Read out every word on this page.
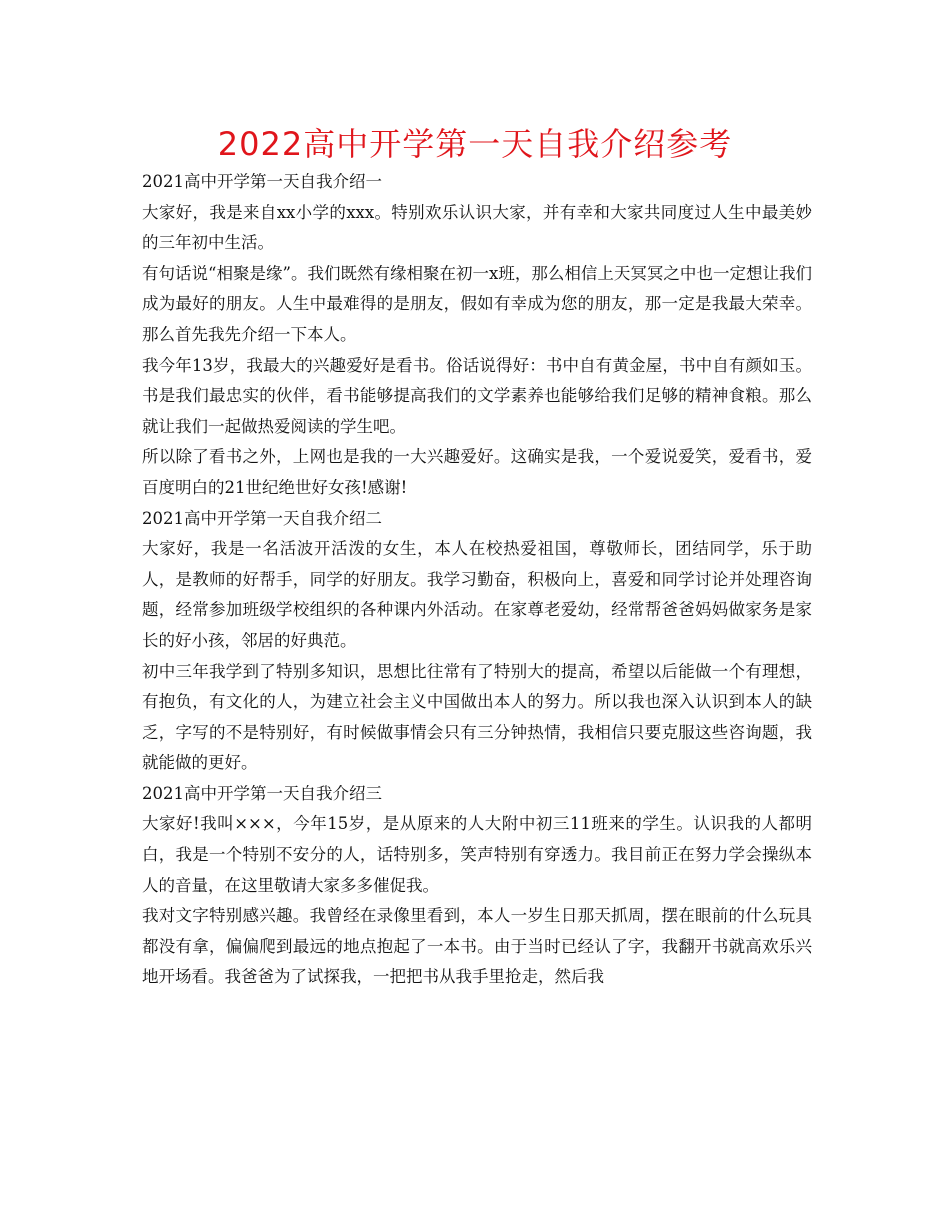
2022高中开学第一天自我介绍参考

2021高中开学第一天自我介绍一

大家好，我是来自xx小学的xxx。特别欢乐认识大家，并有幸和大家共同度过人生中最美妙的三年初中生活。

有句话说“相聚是缘”。我们既然有缘相聚在初一x班，那么相信上天冥冥之中也一定想让我们成为最好的朋友。人生中最难得的是朋友，假如有幸成为您的朋友，那一定是我最大荣幸。那么首先我先介绍一下本人。

我今年13岁，我最大的兴趣爱好是看书。俗话说得好：书中自有黄金屋，书中自有颜如玉。书是我们最忠实的伙伴，看书能够提高我们的文学素养也能够给我们足够的精神食粮。那么就让我们一起做热爱阅读的学生吧。

所以除了看书之外，上网也是我的一大兴趣爱好。这确实是我，一个爱说爱笑，爱看书，爱百度明白的21世纪绝世好女孩!感谢!

2021高中开学第一天自我介绍二

大家好，我是一名活波开活泼的女生，本人在校热爱祖国，尊敬师长，团结同学，乐于助人，是教师的好帮手，同学的好朋友。我学习勤奋，积极向上，喜爱和同学讨论并处理咨询题，经常参加班级学校组织的各种课内外活动。在家尊老爱幼，经常帮爸爸妈妈做家务是家长的好小孩，邻居的好典范。

初中三年我学到了特别多知识，思想比往常有了特别大的提高，希望以后能做一个有理想，有抱负，有文化的人，为建立社会主义中国做出本人的努力。所以我也深入认识到本人的缺乏，字写的不是特别好，有时候做事情会只有三分钟热情，我相信只要克服这些咨询题，我就能做的更好。

2021高中开学第一天自我介绍三

大家好!我叫×××，今年15岁，是从原来的人大附中初三11班来的学生。认识我的人都明白，我是一个特别不安分的人，话特别多，笑声特别有穿透力。我目前正在努力学会操纵本人的音量，在这里敬请大家多多催促我。

我对文字特别感兴趣。我曾经在录像里看到，本人一岁生日那天抓周，摆在眼前的什么玩具都没有拿，偏偏爬到最远的地点抱起了一本书。由于当时已经认了字，我翻开书就高欢乐兴地开场看。我爸爸为了试探我，一把把书从我手里抢走，然后我
